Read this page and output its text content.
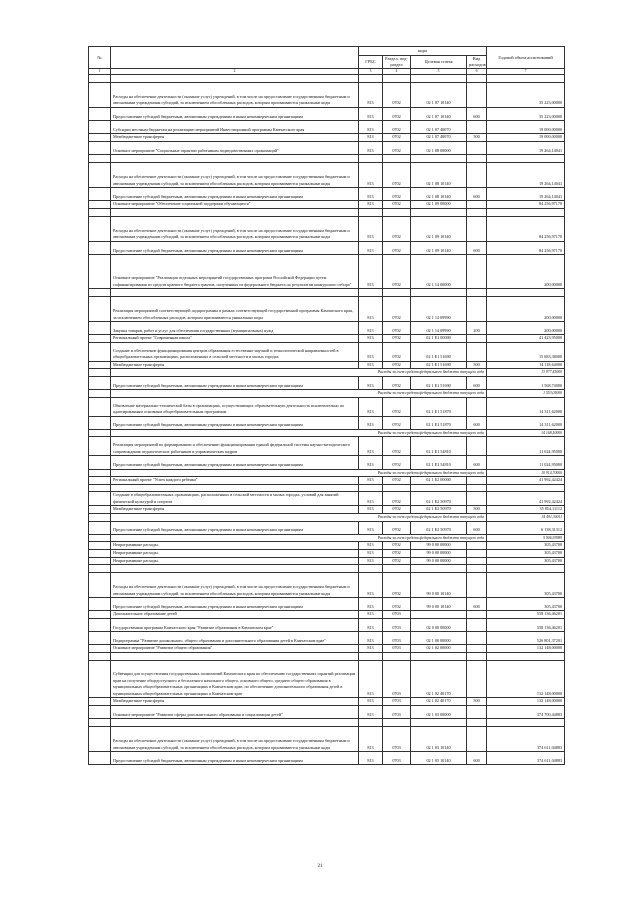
№		коды				Годовой объем ассигнований
		ГРБС	Раздел, под-раздел	Целевая статья	Вид расходов	
1	2	3	4	5	6	7

	Расходы на обеспечение деятельности (оказание услуг) учреждений, в том числе на предоставление государственным бюджетным и автономным учреждениям субсидий, за исключением обособленных расходов, которым присваиваются уникальные коды	813	0702	02 1 07 10140		35 223,00000
	Предоставление субсидий бюджетным, автономным учреждениям и иным некоммерческим организациям	813	0702	02 1 07 10140	600	35 223,00000
	Субсидии местным бюджетам на реализацию мероприятий Инвестиционной программы Камчатского края	813	0702	02 1 07 40070		19 000,00000
	Межбюджетные трансферты	813	0702	02 1 07 40070	500	19 000,00000
	Основное мероприятие "Социальные гарантии работникам подведомственных организаций"	813	0702	02 1 08 00000		19 264,14041

	Расходы на обеспечение деятельности (оказание услуг) учреждений, в том числе на предоставление государственным бюджетным и автономным учреждениям субсидий, за исключением обособленных расходов, которым присваиваются уникальные коды	813	0702	02 1 08 10140		19 264,14041
	Предоставление субсидий бюджетным, автономным учреждениям и иным некоммерческим организациям	813	0702	02 1 08 10140	600	19 264,14041
	Основное мероприятие "Обеспечение социальной поддержки обучающихся"	813	0702	02 1 09 00000		84 256,97170

	Расходы на обеспечение деятельности (оказание услуг) учреждений, в том числе на предоставление государственным бюджетным и автономным учреждениям субсидий, за исключением обособленных расходов, которым присваиваются уникальные коды	813	0702	02 1 09 10140		84 256,97170
	Предоставление субсидий бюджетным, автономным учреждениям и иным некоммерческим организациям	813	0702	02 1 09 10140	600	84 256,97170
	Основное мероприятие "Реализация отдельных мероприятий государственных программ Российской Федерации путем софинансирования из средств краевого бюджета грантов, полученных из федерального бюджета по результатам конкурсного отбора"	813	0702	02 1 14 00000		200,00000

	Реализация мероприятий соответствующей подпрограммы в рамках соответствующей государственной программы Камчатского края, за исключением обособленных расходов, которым присваиваются уникальные коды	813	0702	02 1 14 09990		200,00000
	Закупка товаров, работ и услуг для обеспечения государственных (муниципальных) нужд	813	0702	02 1 14 09990	200	200,00000
	Региональный проект "Современная школа"	813	0702	02 1 E1 00000		41 423,95000
	Создание и обеспечение функционирования центров образования естественно-научной и технологической направленностей в общеобразовательных организациях, расположенных в сельской местности и малых городах	813	0702	02 1 E1 51690		15 683,38000
	Межбюджетные трансферты	813	0702	02 1 E1 51690	500	14 118,64000
	Расходы за счет средств федерального бюджета текущего года					13 977,45000
	Предоставление субсидий бюджетным, автономным учреждениям и иным некоммерческим организациям	813	0702	02 1 E1 51690	600	1 568,74000
	Расходы за счет средств федерального бюджета текущего года					1 553,05000
	Обновление материально-технической базы в организациях, осуществляющих образовательную деятельность исключительно по адаптированным основным общеобразовательным программам	813	0702	02 1 E1 51870		14 311,62000
	Предоставление субсидий бюджетным, автономным учреждениям и иным некоммерческим организациям	813	0702	02 1 E1 51870	600	14 311,62000
	Расходы за счет средств федерального бюджета текущего года					14 168,50000
	Реализация мероприятий по формированию и обеспечению функционирования единой федеральной системы научно-методического сопровождения педагогических работников и управленческих кадров	813	0702	02 1 E1 54810		11 024,95000
	Предоставление субсидий бюджетным, автономным учреждениям и иным некоммерческим организациям	813	0702	02 1 E1 54810	600	11 024,95000
	Расходы за счет средств федерального бюджета текущего года					10 914,70000
	Региональный проект "Успех каждого ребенка"	813	0702	02 1 E2 00000		41 992,42424

	Создание в общеобразовательных организациях, расположенных в сельской местности и малых городах, условий для занятий физической культурой и спортом	813	0702	02 1 E2 50970		41 992,42424
	Межбюджетные трансферты	813	0702	02 1 E2 50970	500	35 854,11112
	Расходы за счет средств федерального бюджета текущего года					34 491,30011
	Предоставление субсидий бюджетным, автономным учреждениям и иным некоммерческим организациям	813	0702	02 1 E2 50970	600	6 138,31312
	Расходы за счет средств федерального бюджета текущего года					5 906,93989
	Непрограммные расходы	813	0702	99 0 00 00000		305,43700
	Непрограммные расходы	813	0702	99 0 00 00000		305,43700
	Непрограммные расходы	813	0702	99 0 00 00000		305,43700

	Расходы на обеспечение деятельности (оказание услуг) учреждений, в том числе на предоставление государственным бюджетным и автономным учреждениям субсидий, за исключением обособленных расходов, которым присваиваются уникальные коды	813	0702	99 0 00 10140		305,43700
	Предоставление субсидий бюджетным, автономным учреждениям и иным некоммерческим организациям	813	0702	99 0 00 10140	600	305,43700
	Дополнительное образование детей	813	0703			558 136,46201
	Государственная программа Камчатского края "Развитие образования в Камчатском крае"	813	0703	02 0 00 00000		558 136,46201
	Подпрограмма "Развитие дошкольного, общего образования и дополнительного образования детей в Камчатском крае"	813	0703	02 1 00 00000		526 801,37201
	Основное мероприятие "Развитие общего образования"	813	0703	02 1 02 00000		132 148,00000

	Субвенции для осуществления государственных полномочий Камчатского края по обеспечению государственных гарантий реализации прав на получение общедоступного и бесплатного начального общего, основного общего, среднего общего образования в муниципальных общеобразовательных организациях в Камчатском крае, по обеспечению дополнительного образования детей в муниципальных общеобразовательных организациях в Камчатском крае	813	0703	02 1 02 40170		132 148,00000
	Межбюджетные трансферты	813	0703	02 1 02 40170	500	132 148,00000
	Основное мероприятие "Развитие сферы дополнительного образования и социализации детей"	813	0703	02 1 03 00000		374 700,44883

	Расходы на обеспечение деятельности (оказание услуг) учреждений, в том числе на предоставление государственным бюджетным и автономным учреждениям субсидий, за исключением обособленных расходов, которым присваиваются уникальные коды	813	0703	02 1 03 10140		374 611,04883
	Предоставление субсидий бюджетным, автономным учреждениям и иным некоммерческим организациям	813	0703	02 1 03 10140	600	374 611,04883
21
